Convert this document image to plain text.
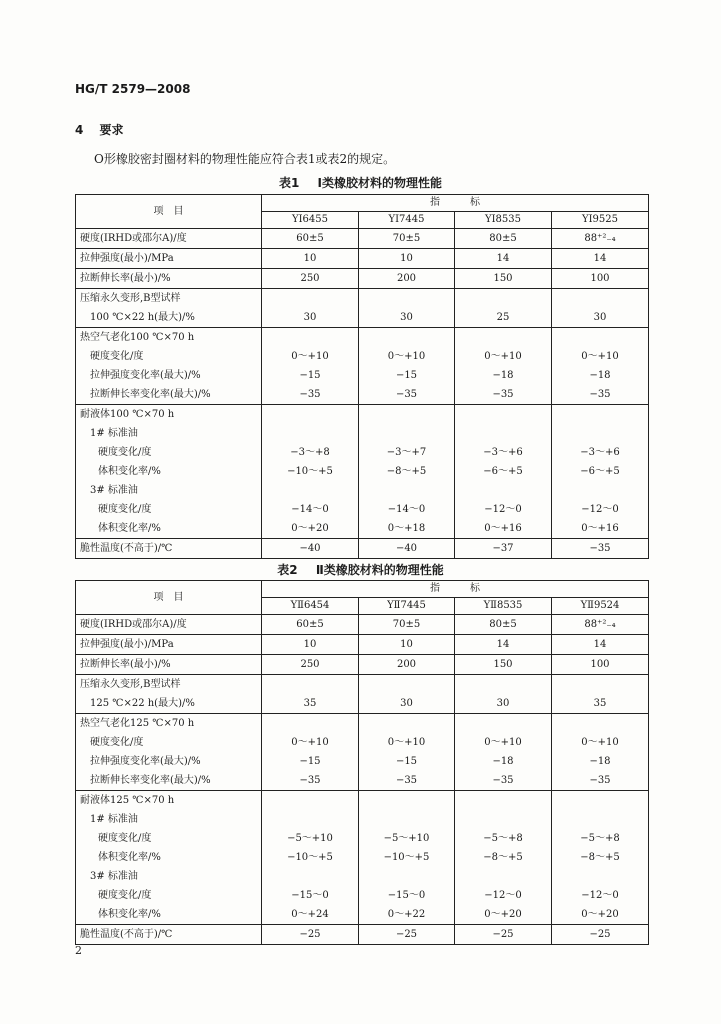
HG/T 2579—2008
4 要求
O形橡胶密封圈材料的物理性能应符合表1或表2的规定。
表1 Ⅰ类橡胶材料的物理性能
项　目	指　　　标			
	YⅠ6455	YⅠ7445	YⅠ8535	YⅠ9525
硬度(IRHD或邵尔A)/度	60±5	70±5	80±5	88⁺²₋₄
拉伸强度(最小)/MPa	10	10	14	14
拉断伸长率(最小)/%	250	200	150	100
压缩永久变形,B型试样				
100 ℃×22 h(最大)/%	30	30	25	30
热空气老化100 ℃×70 h				
硬度变化/度	0～+10	0～+10	0～+10	0～+10
拉伸强度变化率(最大)/%	−15	−15	−18	−18
拉断伸长率变化率(最大)/%	−35	−35	−35	−35
耐液体100 ℃×70 h				
1# 标准油				
硬度变化/度	−3～+8	−3～+7	−3～+6	−3～+6
体积变化率/%	−10～+5	−8～+5	−6～+5	−6～+5
3# 标准油				
硬度变化/度	−14～0	−14～0	−12～0	−12～0
体积变化率/%	0～+20	0～+18	0～+16	0～+16
脆性温度(不高于)/℃	−40	−40	−37	−35
表2 Ⅱ类橡胶材料的物理性能
项　目	指　　　标			
	YⅡ6454	YⅡ7445	YⅡ8535	YⅡ9524
硬度(IRHD或邵尔A)/度	60±5	70±5	80±5	88⁺²₋₄
拉伸强度(最小)/MPa	10	10	14	14
拉断伸长率(最小)/%	250	200	150	100
压缩永久变形,B型试样				
125 ℃×22 h(最大)/%	35	30	30	35
热空气老化125 ℃×70 h				
硬度变化/度	0～+10	0～+10	0～+10	0～+10
拉伸强度变化率(最大)/%	−15	−15	−18	−18
拉断伸长率变化率(最大)/%	−35	−35	−35	−35
耐液体125 ℃×70 h				
1# 标准油				
硬度变化/度	−5～+10	−5～+10	−5～+8	−5～+8
体积变化率/%	−10～+5	−10～+5	−8～+5	−8～+5
3# 标准油				
硬度变化/度	−15～0	−15～0	−12～0	−12～0
体积变化率/%	0～+24	0～+22	0～+20	0～+20
脆性温度(不高于)/℃	−25	−25	−25	−25
2
